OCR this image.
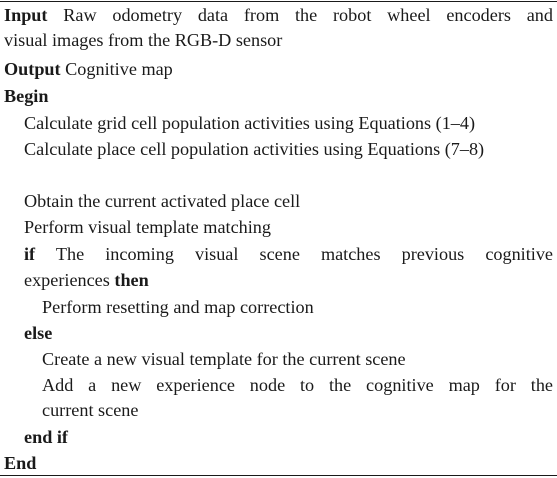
Input Raw odometry data from the robot wheel encoders and
visual images from the RGB-D sensor
Output Cognitive map
Begin
Calculate grid cell population activities using Equations (1–4)
Calculate place cell population activities using Equations (7–8)
Obtain the current activated place cell
Perform visual template matching
if The incoming visual scene matches previous cognitive
experiences then
Perform resetting and map correction
else
Create a new visual template for the current scene
Add a new experience node to the cognitive map for the
current scene
end if
End
